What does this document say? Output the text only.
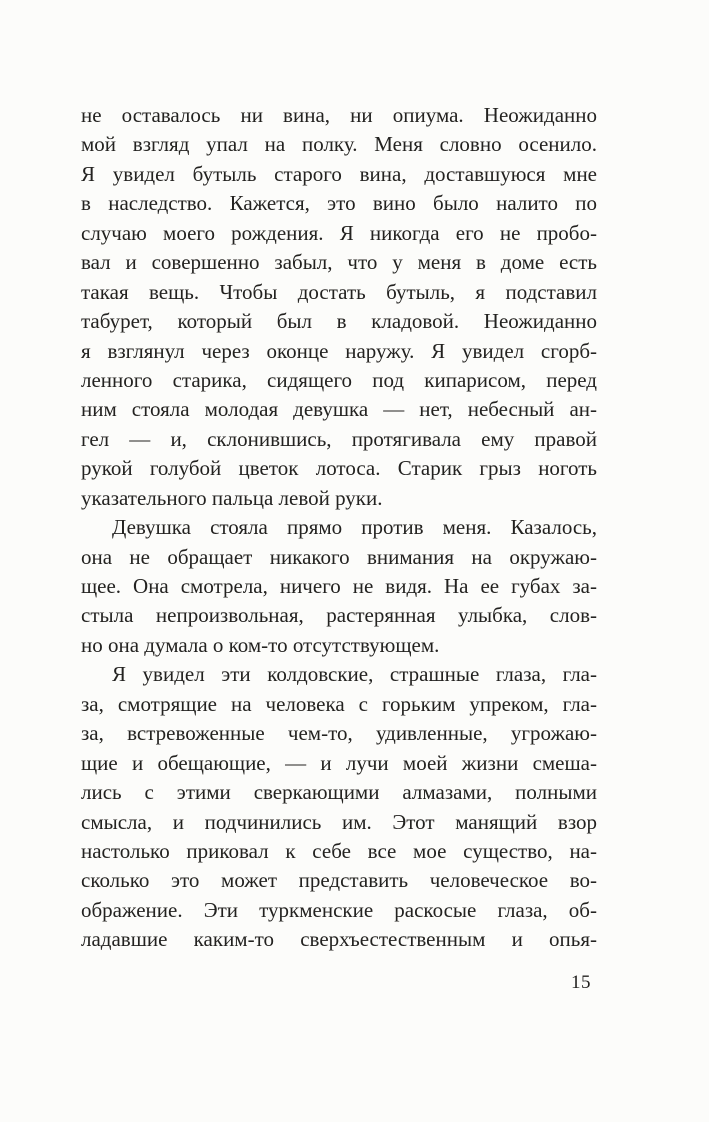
не оставалось ни вина, ни опиума. Неожиданно
мой взгляд упал на полку. Меня словно осенило.
Я увидел бутыль старого вина, доставшуюся мне
в наследство. Кажется, это вино было налито по
случаю моего рождения. Я никогда его не пробо-
вал и совершенно забыл, что у меня в доме есть
такая вещь. Чтобы достать бутыль, я подставил
табурет, который был в кладовой. Неожиданно
я взглянул через оконце наружу. Я увидел сгорб-
ленного старика, сидящего под кипарисом, перед
ним стояла молодая девушка — нет, небесный ан-
гел — и, склонившись, протягивала ему правой
рукой голубой цветок лотоса. Старик грыз ноготь
указательного пальца левой руки.
Девушка стояла прямо против меня. Казалось,
она не обращает никакого внимания на окружаю-
щее. Она смотрела, ничего не видя. На ее губах за-
стыла непроизвольная, растерянная улыбка, слов-
но она думала о ком-то отсутствующем.
Я увидел эти колдовские, страшные глаза, гла-
за, смотрящие на человека с горьким упреком, гла-
за, встревоженные чем-то, удивленные, угрожаю-
щие и обещающие, — и лучи моей жизни смеша-
лись с этими сверкающими алмазами, полными
смысла, и подчинились им. Этот манящий взор
настолько приковал к себе все мое существо, на-
сколько это может представить человеческое во-
ображение. Эти туркменские раскосые глаза, об-
ладавшие каким-то сверхъестественным и опья-
15
